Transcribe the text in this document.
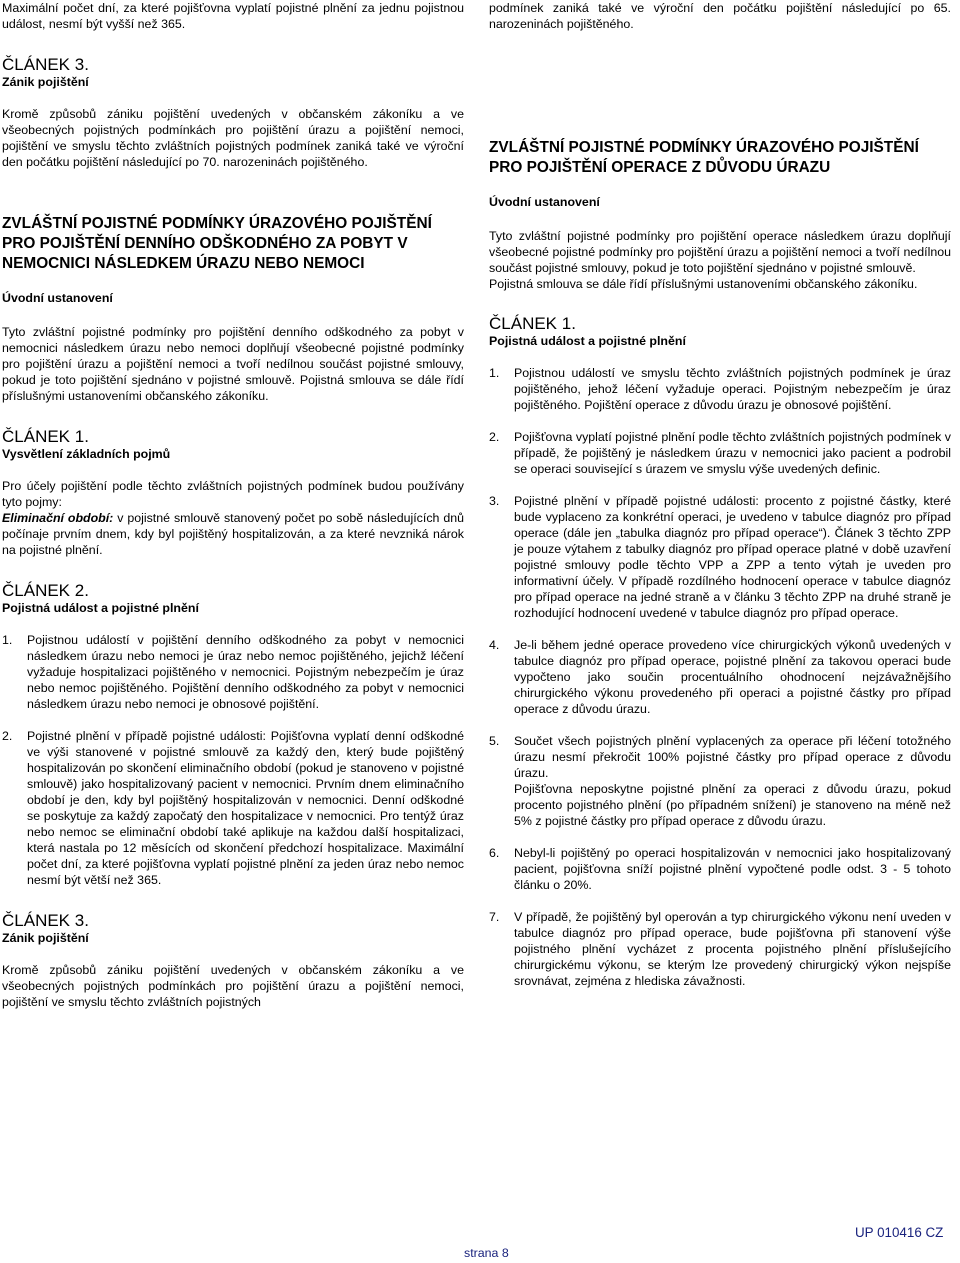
Maximální počet dní, za které pojišťovna vyplatí pojistné plnění za jednu pojistnou událost, nesmí být vyšší než 365.

ČLÁNEK 3.

Zánik pojištění

Kromě způsobů zániku pojištění uvedených v občanském zákoníku a ve všeobecných pojistných podmínkách pro pojištění úrazu a pojištění nemoci, pojištění ve smyslu těchto zvláštních pojistných podmínek zaniká také ve výroční den počátku pojištění následující po 70. narozeninách pojištěného.

ZVLÁŠTNÍ POJISTNÉ PODMÍNKY ÚRAZOVÉHO POJIŠTĚNÍ PRO POJIŠTĚNÍ DENNÍHO ODŠKODNÉHO ZA POBYT V NEMOCNICI NÁSLEDKEM ÚRAZU NEBO NEMOCI

Úvodní ustanovení

Tyto zvláštní pojistné podmínky pro pojištění denního odškodného za pobyt v nemocnici následkem úrazu nebo nemoci doplňují všeobecné pojistné podmínky pro pojištění úrazu a pojištění nemoci a tvoří nedílnou součást pojistné smlouvy, pokud je toto pojištění sjednáno v pojistné smlouvě. Pojistná smlouva se dále řídí příslušnými ustanoveními občanského zákoníku.

ČLÁNEK 1.

Vysvětlení základních pojmů

Pro účely pojištění podle těchto zvláštních pojistných podmínek budou používány tyto pojmy:

Eliminační období: v pojistné smlouvě stanovený počet po sobě následujících dnů počínaje prvním dnem, kdy byl pojištěný hospitalizován, a za které nevzniká nárok na pojistné plnění.

ČLÁNEK 2.

Pojistná událost a pojistné plnění

1. Pojistnou událostí v pojištění denního odškodného za pobyt v nemocnici následkem úrazu nebo nemoci je úraz nebo nemoc pojištěného, jejichž léčení vyžaduje hospitalizaci pojištěného v nemocnici. Pojistným nebezpečím je úraz nebo nemoc pojištěného. Pojištění denního odškodného za pobyt v nemocnici následkem úrazu nebo nemoci je obnosové pojištění.
2. Pojistné plnění v případě pojistné události: Pojišťovna vyplatí denní odškodné ve výši stanovené v pojistné smlouvě za každý den, který bude pojištěný hospitalizován po skončení eliminačního období (pokud je stanoveno v pojistné smlouvě) jako hospitalizovaný pacient v nemocnici. Prvním dnem eliminačního období je den, kdy byl pojištěný hospitalizován v nemocnici. Denní odškodné se poskytuje za každý započatý den hospitalizace v nemocnici. Pro tentýž úraz nebo nemoc se eliminační období také aplikuje na každou další hospitalizaci, která nastala po 12 měsících od skončení předchozí hospitalizace. Maximální počet dní, za které pojišťovna vyplatí pojistné plnění za jeden úraz nebo nemoc nesmí být větší než 365.
ČLÁNEK 3.

Zánik pojištění

Kromě způsobů zániku pojištění uvedených v občanském zákoníku a ve všeobecných pojistných podmínkách pro pojištění úrazu a pojištění nemoci, pojištění ve smyslu těchto zvláštních pojistných

podmínek zaniká také ve výroční den počátku pojištění následující po 65. narozeninách pojištěného.

ZVLÁŠTNÍ POJISTNÉ PODMÍNKY ÚRAZOVÉHO POJIŠTĚNÍ PRO POJIŠTĚNÍ OPERACE Z DŮVODU ÚRAZU

Úvodní ustanovení

Tyto zvláštní pojistné podmínky pro pojištění operace následkem úrazu doplňují všeobecné pojistné podmínky pro pojištění úrazu a pojištění nemoci a tvoří nedílnou součást pojistné smlouvy, pokud je toto pojištění sjednáno v pojistné smlouvě.

Pojistná smlouva se dále řídí příslušnými ustanoveními občanského zákoníku.

ČLÁNEK 1.

Pojistná událost a pojistné plnění

1. Pojistnou událostí ve smyslu těchto zvláštních pojistných podmínek je úraz pojištěného, jehož léčení vyžaduje operaci. Pojistným nebezpečím je úraz pojištěného. Pojištění operace z důvodu úrazu je obnosové pojištění.
2. Pojišťovna vyplatí pojistné plnění podle těchto zvláštních pojistných podmínek v případě, že pojištěný je následkem úrazu v nemocnici jako pacient a podrobil se operaci související s úrazem ve smyslu výše uvedených definic.
3. Pojistné plnění v případě pojistné události: procento z pojistné částky, které bude vyplaceno za konkrétní operaci, je uvedeno v tabulce diagnóz pro případ operace (dále jen „tabulka diagnóz pro případ operace“). Článek 3 těchto ZPP je pouze výtahem z tabulky diagnóz pro případ operace platné v době uzavření pojistné smlouvy podle těchto VPP a ZPP a tento výtah je uveden pro informativní účely. V případě rozdílného hodnocení operace v tabulce diagnóz pro případ operace na jedné straně a v článku 3 těchto ZPP na druhé straně je rozhodující hodnocení uvedené v tabulce diagnóz pro případ operace.
4. Je-li během jedné operace provedeno více chirurgických výkonů uvedených v tabulce diagnóz pro případ operace, pojistné plnění za takovou operaci bude vypočteno jako součin procentuálního ohodnocení nejzávažnějšího chirurgického výkonu provedeného při operaci a pojistné částky pro případ operace z důvodu úrazu.
5. Součet všech pojistných plnění vyplacených za operace při léčení totožného úrazu nesmí překročit 100% pojistné částky pro případ operace z důvodu úrazu.
Pojišťovna neposkytne pojistné plnění za operaci z důvodu úrazu, pokud procento pojistného plnění (po případném snížení) je stanoveno na méně než 5% z pojistné částky pro případ operace z důvodu úrazu.
6. Nebyl-li pojištěný po operaci hospitalizován v nemocnici jako hospitalizovaný pacient, pojišťovna sníží pojistné plnění vypočtené podle odst. 3 - 5 tohoto článku o 20%.
7. V případě, že pojištěný byl operován a typ chirurgického výkonu není uveden v tabulce diagnóz pro případ operace, bude pojišťovna při stanovení výše pojistného plnění vycházet z procenta pojistného plnění příslušejícího chirurgickému výkonu, se kterým lze provedený chirurgický výkon nejspíše srovnávat, zejména z hlediska závažnosti.
UP 010416 CZ
strana 8
